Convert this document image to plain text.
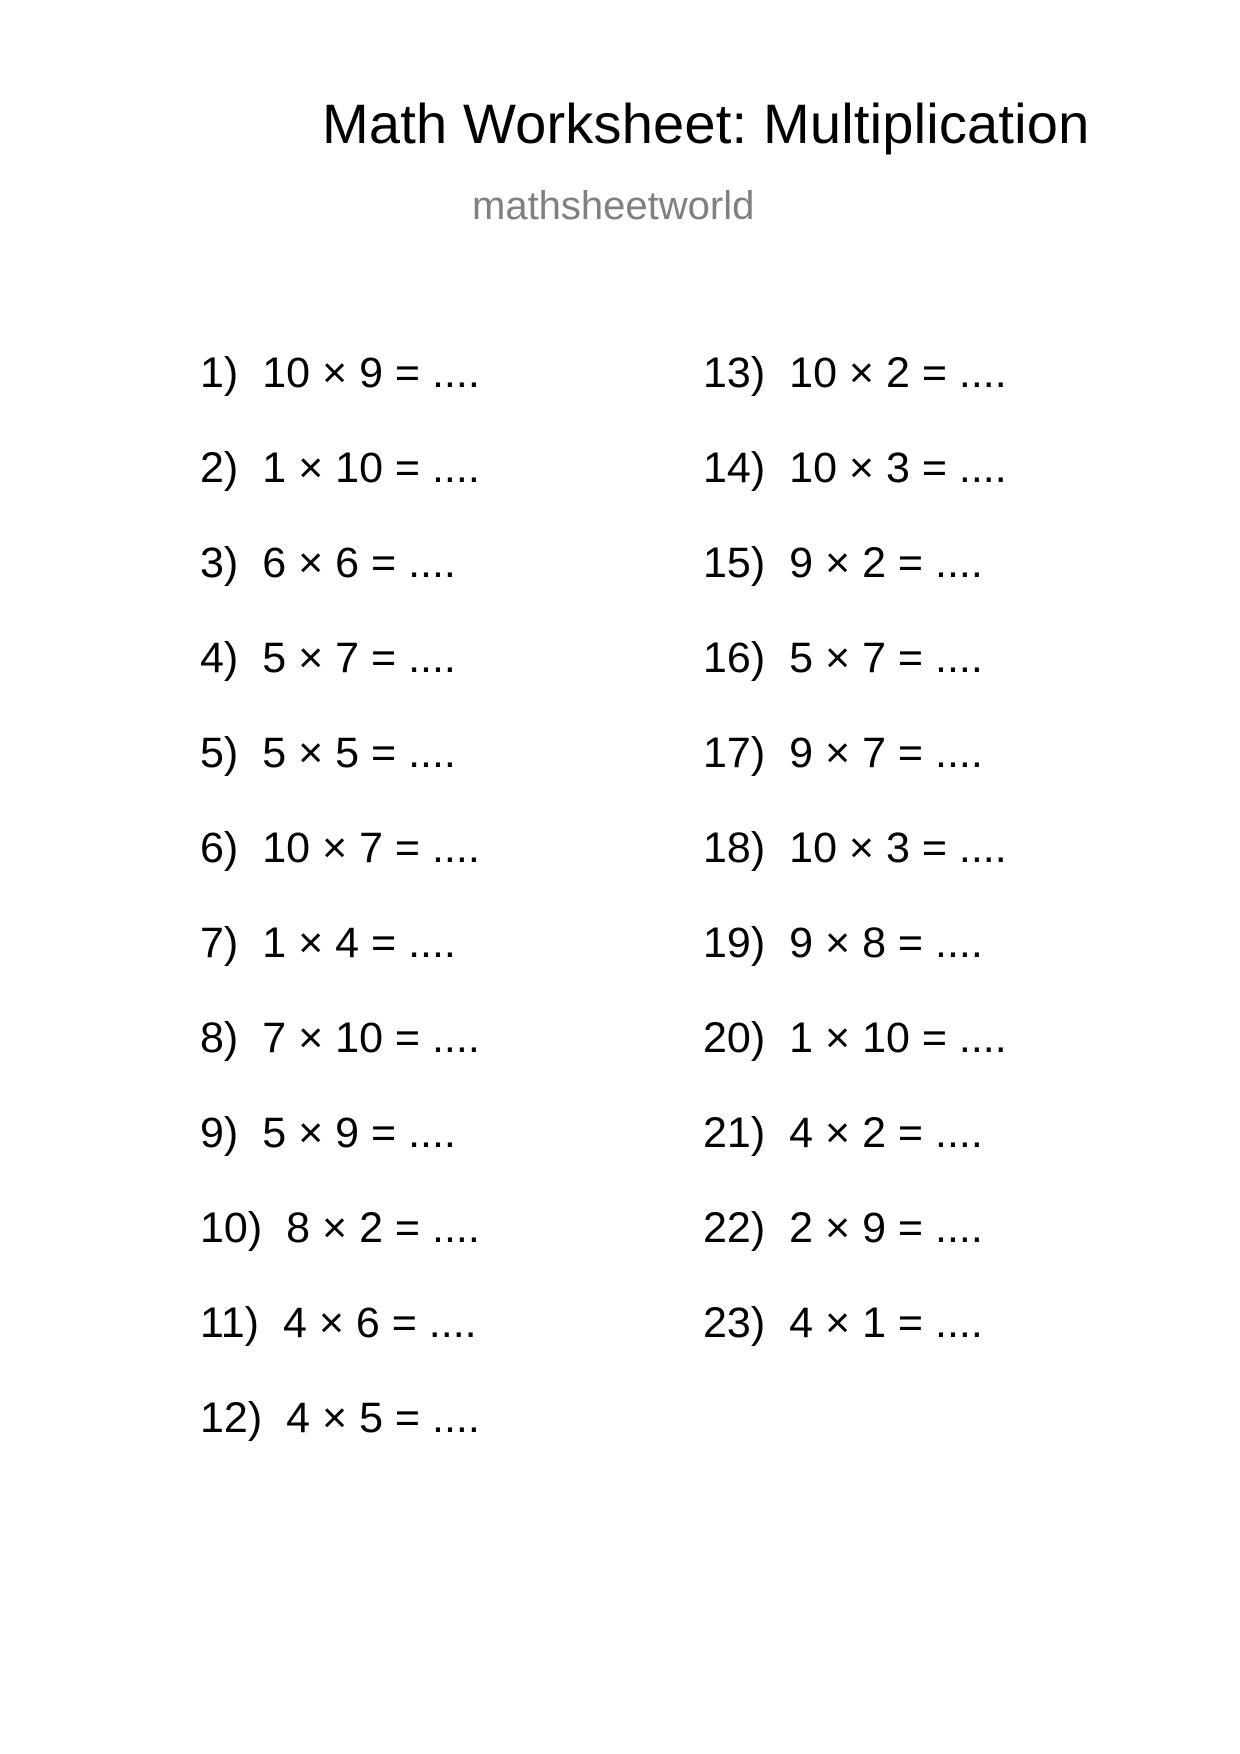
Math Worksheet: Multiplication
mathsheetworld
1) 10 × 9 = ....
2) 1 × 10 = ....
3) 6 × 6 = ....
4) 5 × 7 = ....
5) 5 × 5 = ....
6) 10 × 7 = ....
7) 1 × 4 = ....
8) 7 × 10 = ....
9) 5 × 9 = ....
10) 8 × 2 = ....
11) 4 × 6 = ....
12) 4 × 5 = ....
13) 10 × 2 = ....
14) 10 × 3 = ....
15) 9 × 2 = ....
16) 5 × 7 = ....
17) 9 × 7 = ....
18) 10 × 3 = ....
19) 9 × 8 = ....
20) 1 × 10 = ....
21) 4 × 2 = ....
22) 2 × 9 = ....
23) 4 × 1 = ....
